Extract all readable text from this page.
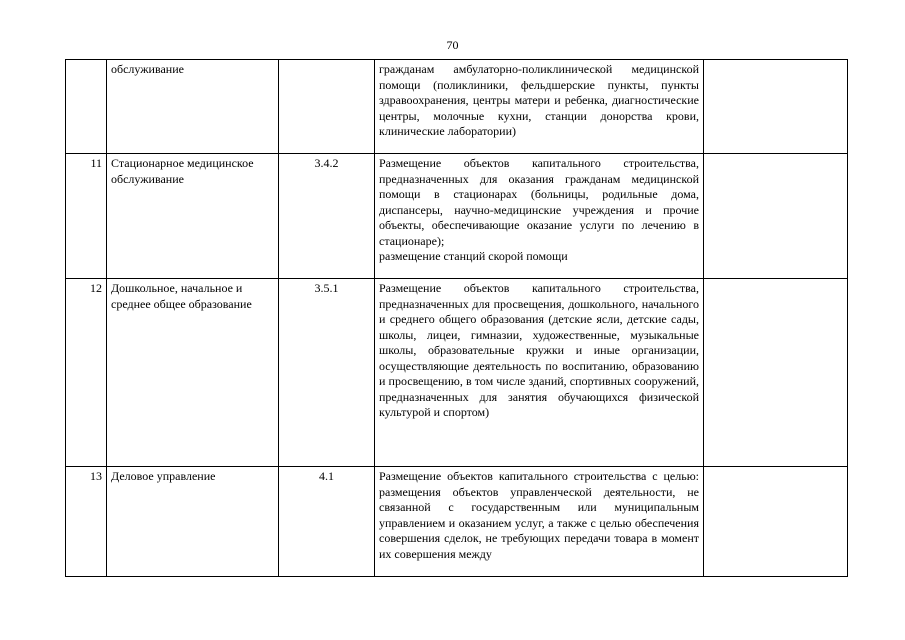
70
	обслуживание		гражданам амбулаторно-поликлинической медицинской помощи (поликлиники, фельдшерские пункты, пункты здравоохранения, центры матери и ребенка, диагностические центры, молочные кухни, станции донорства крови, клинические лаборатории)	
11	Стационарное медицинское обслуживание	3.4.2	Размещение объектов капитального строительства, предназначенных для оказания гражданам медицинской помощи в стационарах (больницы, родильные дома, диспансеры, научно-медицинские учреждения и прочие объекты, обеспечивающие оказание услуги по лечению в стационаре);
размещение станций скорой помощи	

12	Дошкольное, начальное и среднее общее образование	3.5.1	Размещение объектов капитального строительства, предназначенных для просвещения, дошкольного, начального и среднего общего образования (детские ясли, детские сады, школы, лицеи, гимназии, художественные, музыкальные школы, образовательные кружки и иные организации, осуществляющие деятельность по воспитанию, образованию и просвещению, в том числе зданий, спортивных сооружений, предназначенных для занятия обучающихся физической культурой и спортом)	
13	Деловое управление	4.1	Размещение объектов капитального строительства с целью: размещения объектов управленческой деятельности, не связанной с государственным или муниципальным управлением и оказанием услуг, а также с целью обеспечения совершения сделок, не требующих передачи товара в момент их совершения между	
